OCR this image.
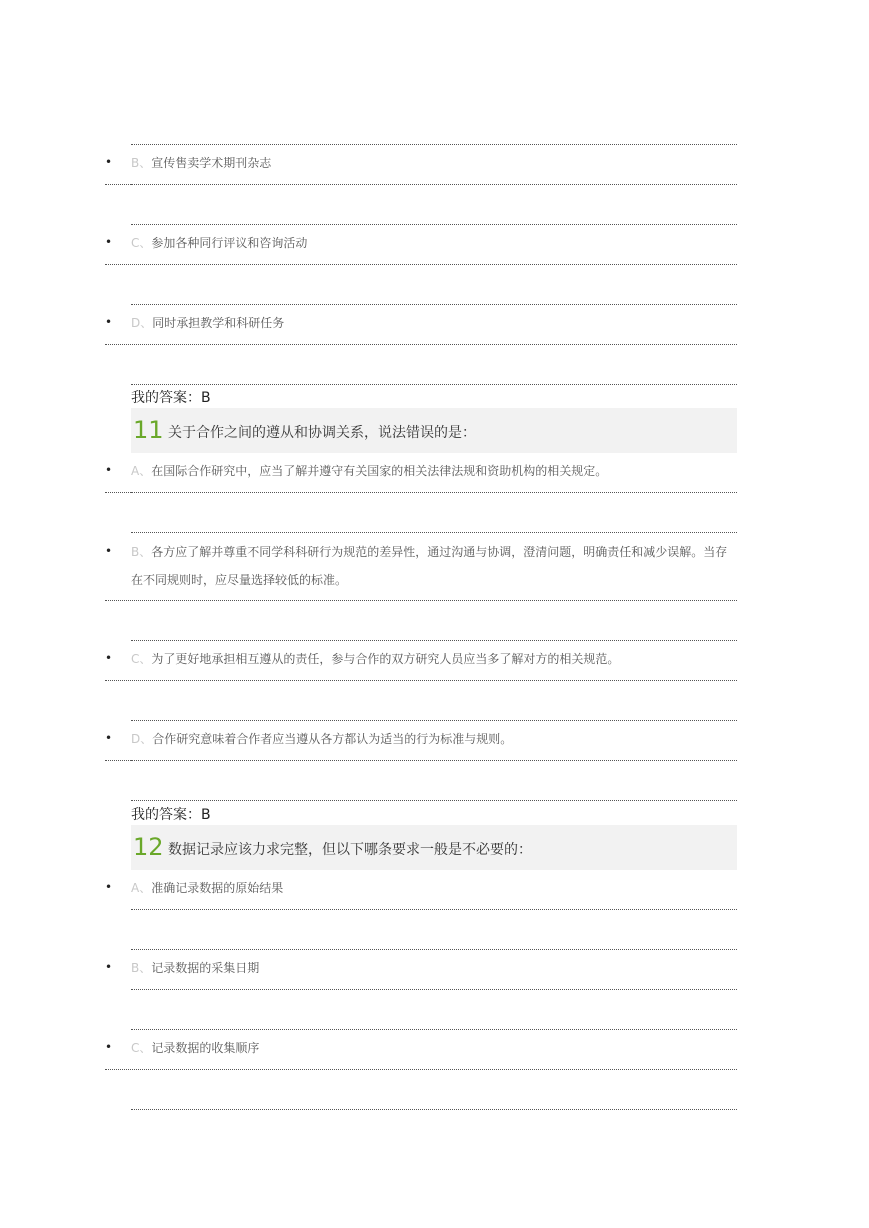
•
B、宣传售卖学术期刊杂志
•
C、参加各种同行评议和咨询活动
•
D、同时承担教学和科研任务
我的答案：B
11 关于合作之间的遵从和协调关系，说法错误的是：
•
A、在国际合作研究中，应当了解并遵守有关国家的相关法律法规和资助机构的相关规定。
•
B、各方应了解并尊重不同学科科研行为规范的差异性，通过沟通与协调，澄清问题，明确责任和减少误解。当存在不同规则时，应尽量选择较低的标准。
•
C、为了更好地承担相互遵从的责任，参与合作的双方研究人员应当多了解对方的相关规范。
•
D、合作研究意味着合作者应当遵从各方都认为适当的行为标准与规则。
我的答案：B
12 数据记录应该力求完整，但以下哪条要求一般是不必要的：
•
A、准确记录数据的原始结果
•
B、记录数据的采集日期
•
C、记录数据的收集顺序
